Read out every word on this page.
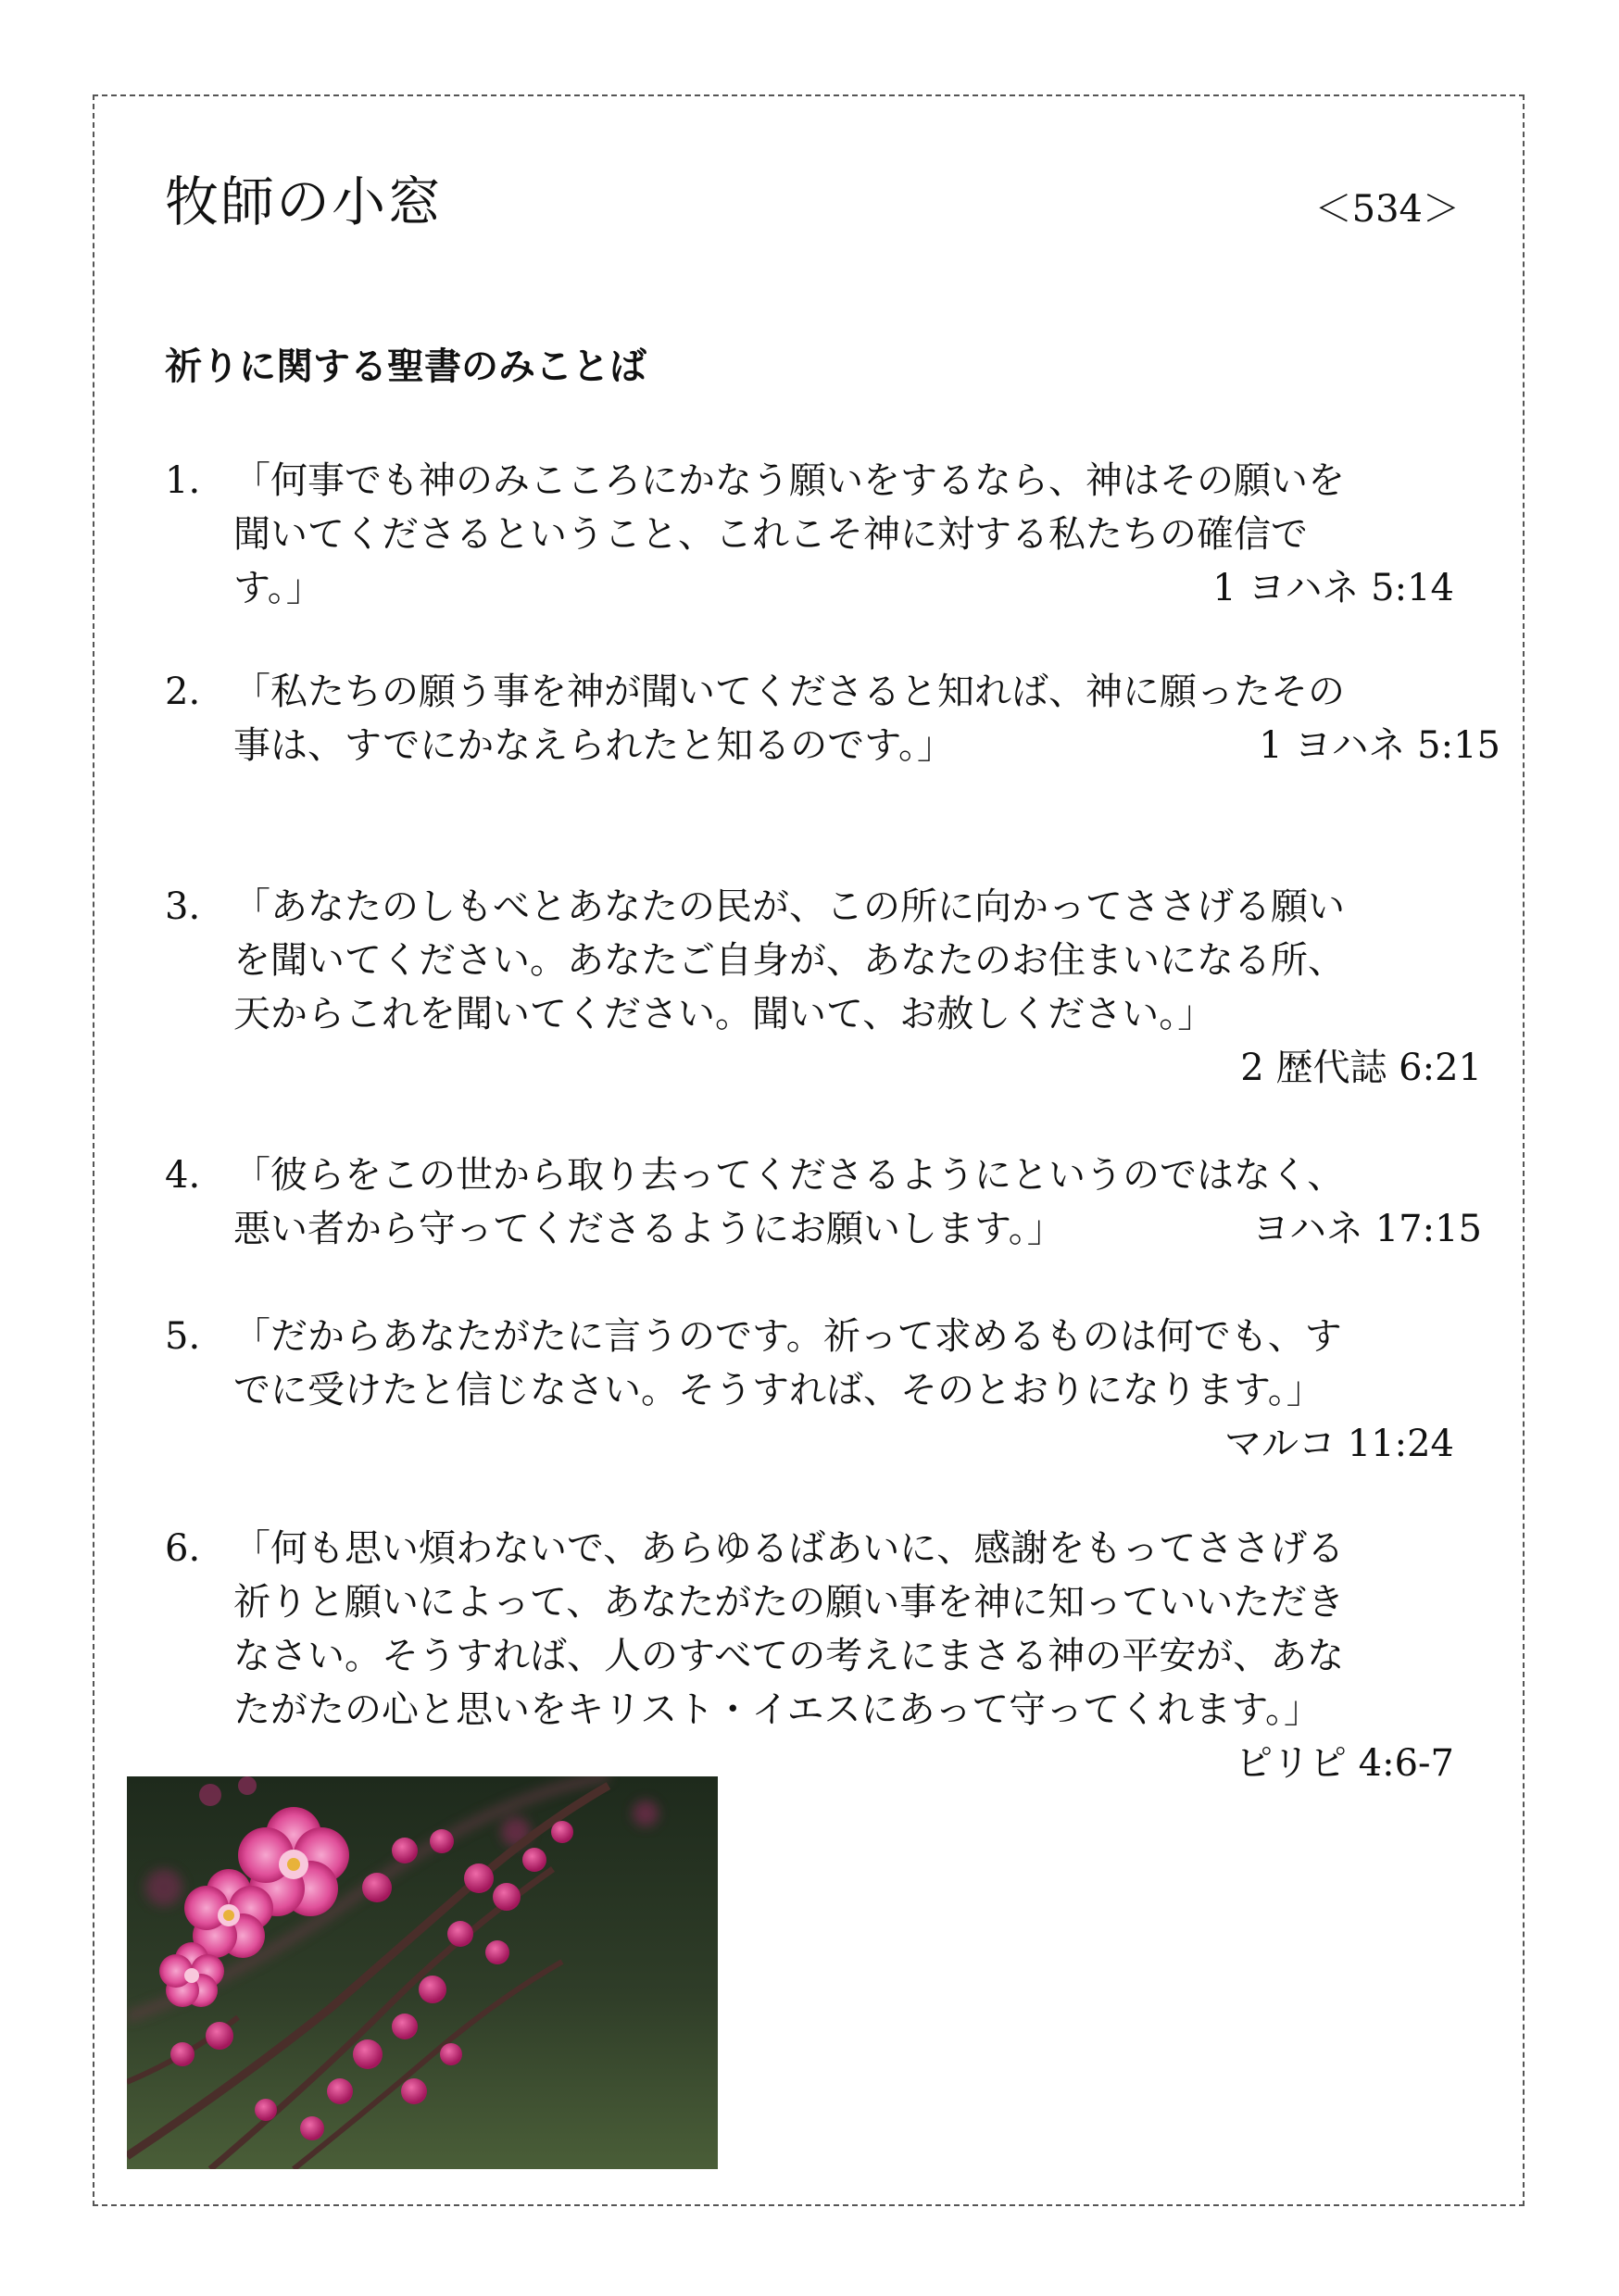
牧師の小窓	＜534＞
祈りに関する聖書のみことば
1. 「何事でも神のみこころにかなう願いをするなら、神はその願いを
聞いてくださるということ、これこそ神に対する私たちの確信で
す。」	1 ヨハネ 5:14
2. 「私たちの願う事を神が聞いてくださると知れば、神に願ったその
事は、すでにかなえられたと知るのです。」	1 ヨハネ 5:15
3. 「あなたのしもべとあなたの民が、この所に向かってささげる願い
を聞いてください。あなたご自身が、あなたのお住まいになる所、
天からこれを聞いてください。聞いて、お赦しください。」
2 歴代誌 6:21
4. 「彼らをこの世から取り去ってくださるようにというのではなく、
悪い者から守ってくださるようにお願いします。」	ヨハネ 17:15
5. 「だからあなたがたに言うのです。祈って求めるものは何でも、す
でに受けたと信じなさい。そうすれば、そのとおりになります。」
マルコ 11:24
6. 「何も思い煩わないで、あらゆるばあいに、感謝をもってささげる
祈りと願いによって、あなたがたの願い事を神に知っていいただき
なさい。そうすれば、人のすべての考えにまさる神の平安が、あな
たがたの心と思いをキリスト・イエスにあって守ってくれます。」
ピリピ 4:6-7
